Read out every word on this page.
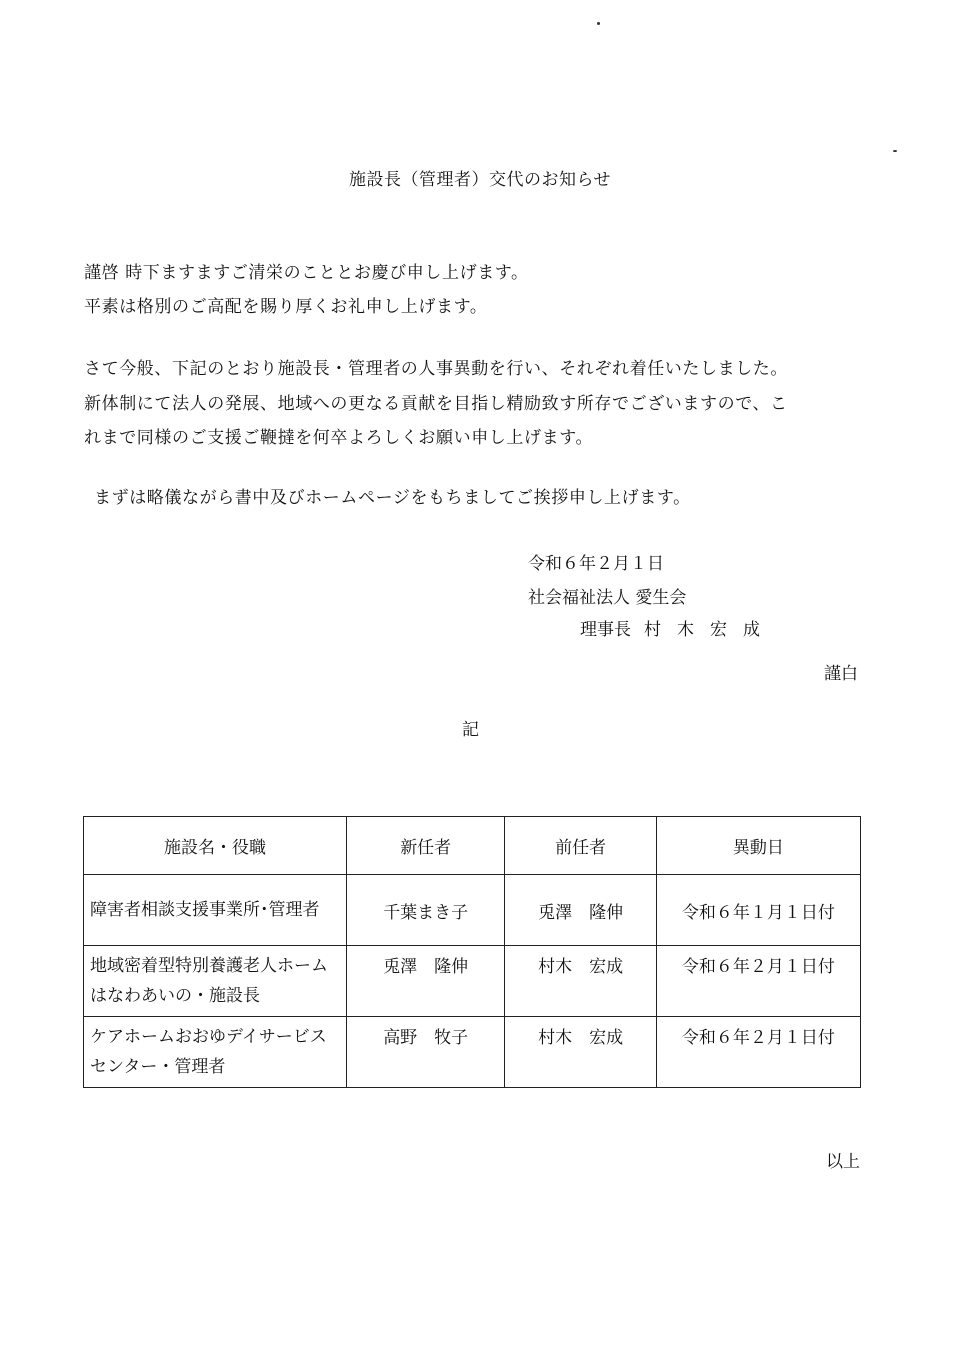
施設長（管理者）交代のお知らせ
謹啓 時下ますますご清栄のこととお慶び申し上げます。
平素は格別のご高配を賜り厚くお礼申し上げます。
さて今般、下記のとおり施設長・管理者の人事異動を行い、それぞれ着任いたしました。
新体制にて法人の発展、地域への更なる貢献を目指し精励致す所存でございますので、こ
れまで同様のご支援ご鞭撻を何卒よろしくお願い申し上げます。
まずは略儀ながら書中及びホームページをもちましてご挨拶申し上げます。
令和６年２月１日
社会福祉法人 愛生会
理事長 村木宏成
謹白
記
施設名・役職	新任者	前任者	異動日
障害者相談支援事業所･管理者	千葉まき子	兎澤　隆伸	令和６年１月１日付
地域密着型特別養護老人ホームはなわあいの・施設長	兎澤　隆伸	村木　宏成	令和６年２月１日付
ケアホームおおゆデイサービスセンター・管理者	高野　牧子	村木　宏成	令和６年２月１日付
以上
